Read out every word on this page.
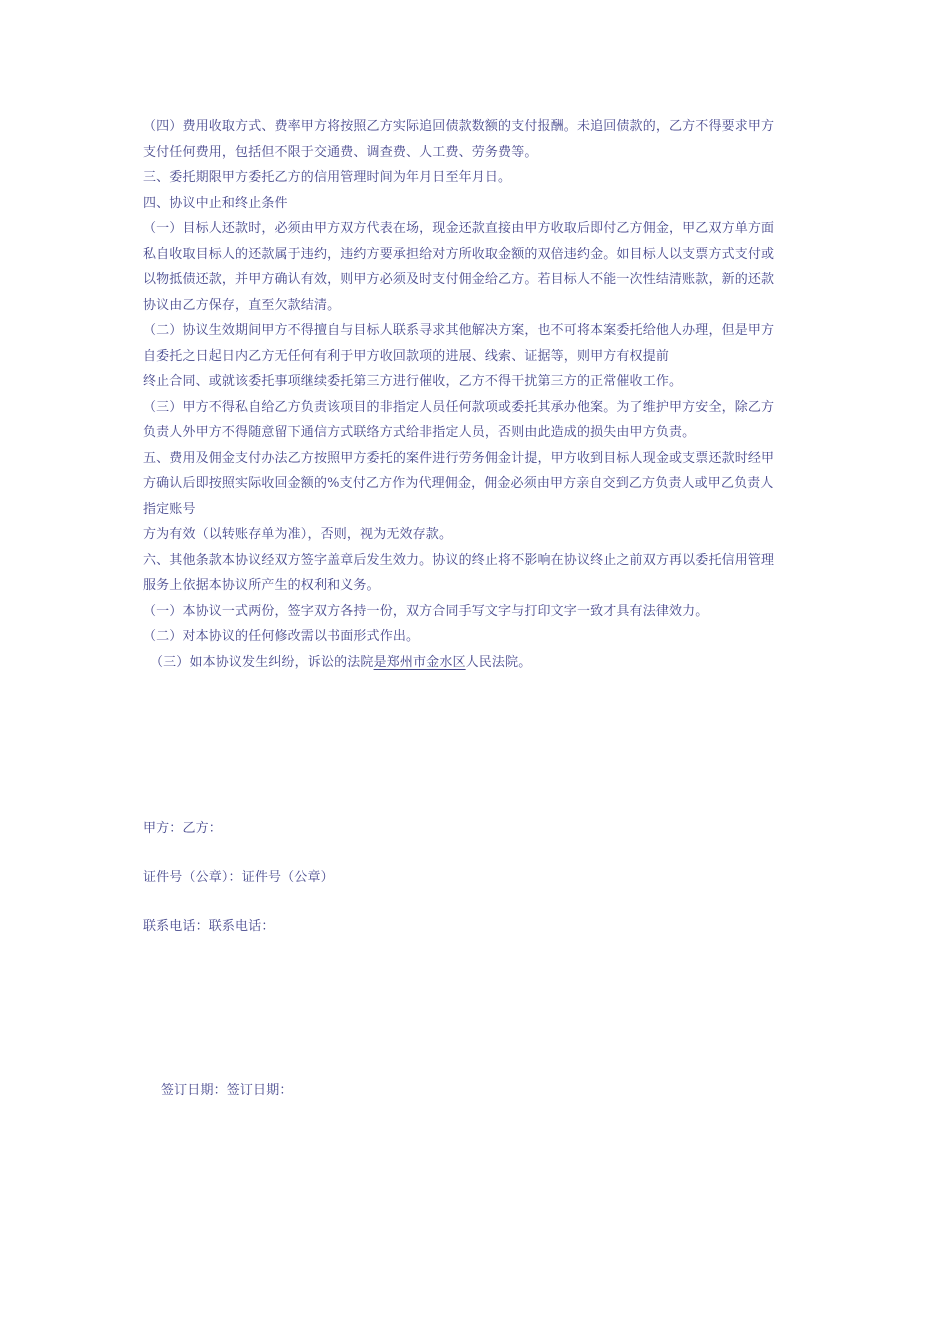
（四）费用收取方式、费率甲方将按照乙方实际追回债款数额的支付报酬。未追回债款的，乙方不得要求甲方
支付任何费用，包括但不限于交通费、调查费、人工费、劳务费等。
三、委托期限甲方委托乙方的信用管理时间为年月日至年月日。
四、协议中止和终止条件
（一）目标人还款时，必须由甲方双方代表在场，现金还款直接由甲方收取后即付乙方佣金，甲乙双方单方面
私自收取目标人的还款属于违约，违约方要承担给对方所收取金额的双倍违约金。如目标人以支票方式支付或
以物抵债还款，并甲方确认有效，则甲方必须及时支付佣金给乙方。若目标人不能一次性结清账款，新的还款
协议由乙方保存，直至欠款结清。
（二）协议生效期间甲方不得擅自与目标人联系寻求其他解决方案，也不可将本案委托给他人办理，但是甲方
自委托之日起日内乙方无任何有利于甲方收回款项的进展、线索、证据等，则甲方有权提前
终止合同、或就该委托事项继续委托第三方进行催收，乙方不得干扰第三方的正常催收工作。
（三）甲方不得私自给乙方负责该项目的非指定人员任何款项或委托其承办他案。为了维护甲方安全，除乙方
负责人外甲方不得随意留下通信方式联络方式给非指定人员，否则由此造成的损失由甲方负责。
五、费用及佣金支付办法乙方按照甲方委托的案件进行劳务佣金计提，甲方收到目标人现金或支票还款时经甲
方确认后即按照实际收回金额的%支付乙方作为代理佣金，佣金必须由甲方亲自交到乙方负责人或甲乙负责人
指定账号
方为有效（以转账存单为准），否则，视为无效存款。
六、其他条款本协议经双方签字盖章后发生效力。协议的终止将不影响在协议终止之前双方再以委托信用管理
服务上依据本协议所产生的权利和义务。
（一）本协议一式两份，签字双方各持一份，双方合同手写文字与打印文字一致才具有法律效力。
（二）对本协议的任何修改需以书面形式作出。
（三）如本协议发生纠纷，诉讼的法院是郑州市金水区人民法院。
甲方：乙方：
证件号（公章）：证件号（公章）
联系电话：联系电话：
签订日期：签订日期：
